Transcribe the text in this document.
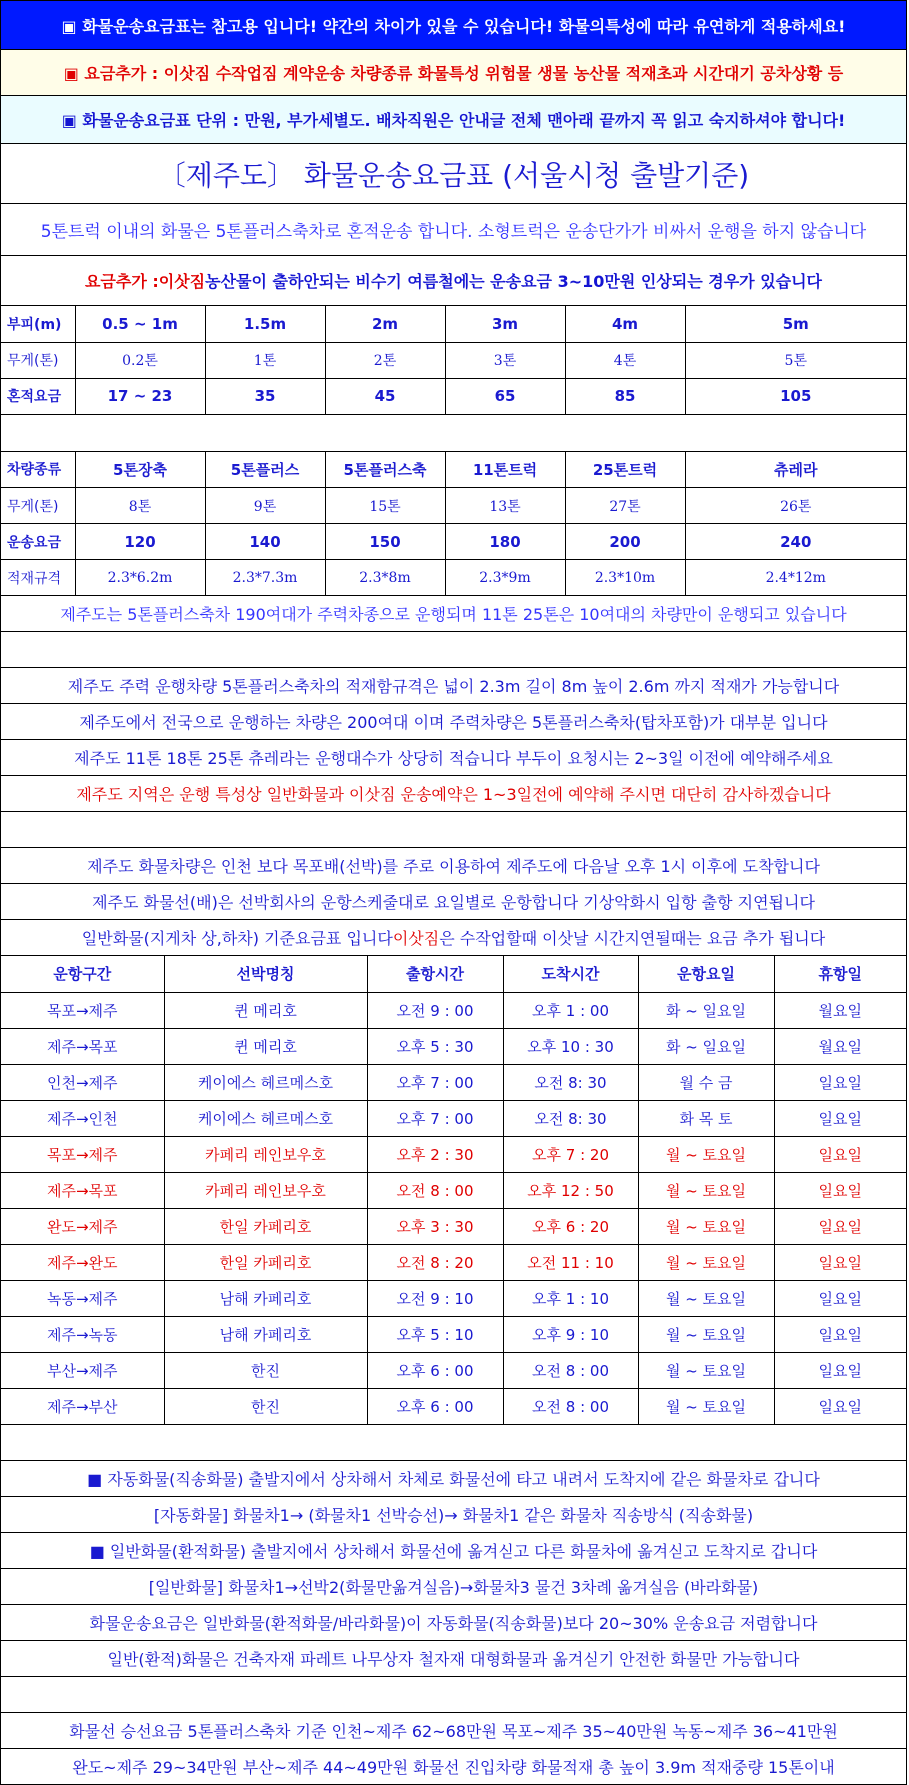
▣ 화물운송요금표는 참고용 입니다! 약간의 차이가 있을 수 있습니다! 화물의특성에 따라 유연하게 적용하세요!
▣ 요금추가 : 이삿짐 수작업짐 계약운송 차량종류 화물특성 위험물 생물 농산물 적재초과 시간대기 공차상황 등
▣ 화물운송요금표 단위 : 만원, 부가세별도. 배차직원은 안내글 전체 맨아래 끝까지 꼭 읽고 숙지하셔야 합니다!
〔제주도〕 화물운송요금표 (서울시청 출발기준)
5톤트럭 이내의 화물은 5톤플러스축차로 혼적운송 합니다. 소형트럭은 운송단가가 비싸서 운행을 하지 않습니다
요금추가 : 이삿짐 농산물이 출하안되는 비수기 여름철에는 운송요금 3~10만원 인상되는 경우가 있습니다
부피(m)	0.5 ~ 1m	1.5m	2m	3m	4m	5m
무게(톤)	0.2톤	1톤	2톤	3톤	4톤	5톤
혼적요금	17 ~ 23	35	45	65	85	105
차량종류	5톤장축	5톤플러스	5톤플러스축	11톤트럭	25톤트럭	츄레라
무게(톤)	8톤	9톤	15톤	13톤	27톤	26톤
운송요금	120	140	150	180	200	240
적재규격	2.3*6.2m	2.3*7.3m	2.3*8m	2.3*9m	2.3*10m	2.4*12m
제주도는 5톤플러스축차 190여대가 주력차종으로 운행되며 11톤 25톤은 10여대의 차량만이 운행되고 있습니다
제주도 주력 운행차량 5톤플러스축차의 적재함규격은 넓이 2.3m 길이 8m 높이 2.6m 까지 적재가 가능합니다
제주도에서 전국으로 운행하는 차량은 200여대 이며 주력차량은 5톤플러스축차(탑차포함)가 대부분 입니다
제주도 11톤 18톤 25톤 츄레라는 운행대수가 상당히 적습니다 부두이 요청시는 2~3일 이전에 예약해주세요
제주도 지역은 운행 특성상 일반화물과 이삿짐 운송예약은 1~3일전에 예약해 주시면 대단히 감사하겠습니다
제주도 화물차량은 인천 보다 목포배(선박)를 주로 이용하여 제주도에 다음날 오후 1시 이후에 도착합니다
제주도 화물선(배)은 선박회사의 운항스케줄대로 요일별로 운항합니다 기상악화시 입항 출항 지연됩니다
일반화물(지게차 상,하차) 기준요금표 입니다 이삿짐 은 수작업할때 이삿날 시간지연될때는 요금 추가 됩니다
운항구간	선박명칭	출항시간	도착시간	운항요일	휴항일
목포→제주	퀸 메리호	오전 9 : 00	오후 1 : 00	화 ~ 일요일	월요일
제주→목포	퀸 메리호	오후 5 : 30	오후 10 : 30	화 ~ 일요일	월요일
인천→제주	케이에스 헤르메스호	오후 7 : 00	오전 8: 30	월 수 금	일요일
제주→인천	케이에스 헤르메스호	오후 7 : 00	오전 8: 30	화 목 토	일요일
목포→제주	카페리 레인보우호	오후 2 : 30	오후 7 : 20	월 ~ 토요일	일요일
제주→목포	카페리 레인보우호	오전 8 : 00	오후 12 : 50	월 ~ 토요일	일요일
완도→제주	한일 카페리호	오후 3 : 30	오후 6 : 20	월 ~ 토요일	일요일
제주→완도	한일 카페리호	오전 8 : 20	오전 11 : 10	월 ~ 토요일	일요일
녹동→제주	남해 카페리호	오전 9 : 10	오후 1 : 10	월 ~ 토요일	일요일
제주→녹동	남해 카페리호	오후 5 : 10	오후 9 : 10	월 ~ 토요일	일요일
부산→제주	한진	오후 6 : 00	오전 8 : 00	월 ~ 토요일	일요일
제주→부산	한진	오후 6 : 00	오전 8 : 00	월 ~ 토요일	일요일
■ 자동화물(직송화물) 출발지에서 상차해서 차체로 화물선에 타고 내려서 도착지에 같은 화물차로 갑니다
[자동화물] 화물차1→ (화물차1 선박승선)→ 화물차1 같은 화물차 직송방식 (직송화물)
■ 일반화물(환적화물) 출발지에서 상차해서 화물선에 옮겨싣고 다른 화물차에 옮겨싣고 도착지로 갑니다
[일반화물] 화물차1→선박2(화물만옮겨실음)→화물차3 물건 3차례 옮겨실음 (바라화물)
화물운송요금은 일반화물(환적화물/바라화물)이 자동화물(직송화물)보다 20~30% 운송요금 저렴합니다
일반(환적)화물은 건축자재 파레트 나무상자 철자재 대형화물과 옮겨싣기 안전한 화물만 가능합니다
화물선 승선요금 5톤플러스축차 기준 인천~제주 62~68만원 목포~제주 35~40만원 녹동~제주 36~41만원
완도~제주 29~34만원 부산~제주 44~49만원 화물선 진입차량 화물적재 총 높이 3.9m 적재중량 15톤이내
